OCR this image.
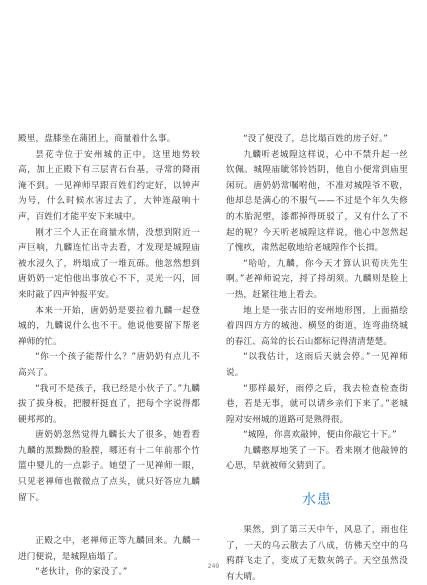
殿里，盘膝坐在蒲团上，商量着什么事。

昙花寺位于安州城的正中，这里地势较高，加上正殿下有三层青石台基，寻常的降雨淹不到。一见禅师早跟百姓们约定好，以钟声为号，什么时候水害过去了，大钟连敲响十声，百姓们才能平安下来城中。

刚才三个人正在商量水情，没想到附近一声巨响，九麟连忙出寺去看，才发现是城隍庙被水浸久了，坍塌成了一堆瓦砾。他忽然想到唐奶奶一定怕他出事放心不下，灵光一闪，回来时敲了四声钟报平安。

本来一开始，唐奶奶是要拉着九麟一起登城的，九麟说什么也不干。他说他要留下帮老禅师的忙。

“你一个孩子能帮什么？”唐奶奶有点儿不高兴了。

“我可不是孩子，我已经是小伙子了。”九麟拔了拔身板，把腰杆挺直了，把每个字说得都硬邦邦的。

唐奶奶忽然觉得九麟长大了很多，她看看九麟的黑黝黝的脸膛，哪还有十二年前那个竹篮中婴儿的一点影子。她望了一见禅师一眼，只见老禅师也微微点了点头，就只好答应九麟留下。

正殿之中，老禅师正等九麟回来。九麟一进门便说，是城隍庙塌了。

“老伙计，你的家没了。”

“没了便没了，总比塌百姓的房子好。”

九麟听老城隍这样说，心中不禁升起一丝钦佩。城隍庙眦邻铃铛阴，他自小便常到庙里闲玩。唐奶奶常嘱咐他，不准对城隍爷不敬，他却总是满心的不服气——不过是个年久失修的木胎泥塑，漆都掉得斑驳了，又有什么了不起的呢？今天听老城隍这样说，他心中忽然起了愧疚，肃然起敬地给老城隍作个长揖。

“哈哈，九麟，你今天才算认识荀庆先生啊。”老禅师说完，捋了捋胡须。九麟则是脸上一热，赶紧往地上看去。

地上是一张古旧的安州地形图，上面描绘着四四方方的城池、横竖的街道，连弯曲绕城的春江、高耸的长石山都标记得清清楚楚。

“以我估计，这雨后天就会停。”一见禅师说。

“那样最好，雨停之后，我去检查检查街巷，若是无事，就可以请乡亲们下来了。”老城隍对安州城的道路可是熟得很。

“城隍，你喜欢敲钟，便由你敲它十下。”

九麟憨厚地笑了一下。看来刚才他敲钟的心思，早就被师父猜到了。

水患

果然，到了第三天中午，风息了，雨也住了，一天的乌云散去了八成，仿佛天空中的乌鸦群飞走了，变成了无数灰鸽子。天空虽然没有大晴。

249
